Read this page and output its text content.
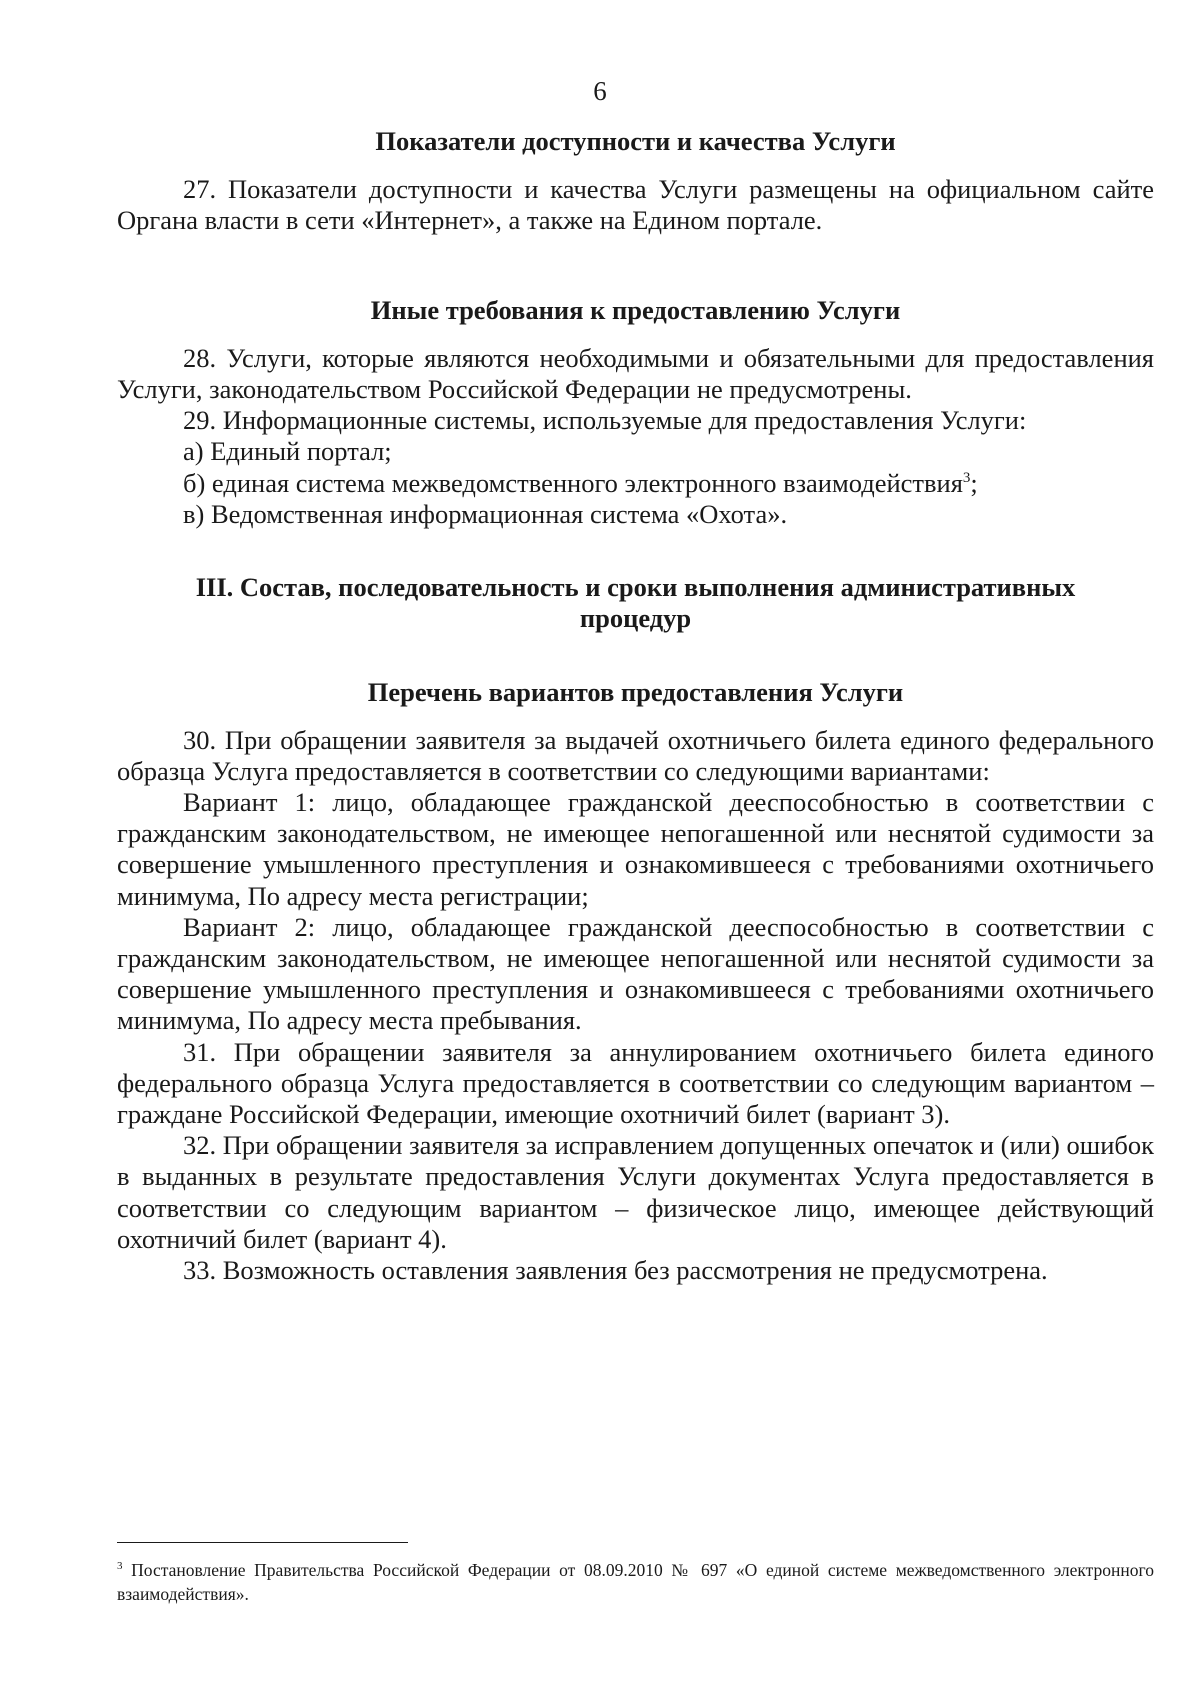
6

Показатели доступности и качества Услуги

27. Показатели доступности и качества Услуги размещены на официальном сайте Органа власти в сети «Интернет», а также на Едином портале.

Иные требования к предоставлению Услуги

28. Услуги, которые являются необходимыми и обязательными для предоставления Услуги, законодательством Российской Федерации не предусмотрены.

29. Информационные системы, используемые для предоставления Услуги:

а) Единый портал;

б) единая система межведомственного электронного взаимодействия$^3$;

в) Ведомственная информационная система «Охота».

III. Состав, последовательность и сроки выполнения административных

процедур

Перечень вариантов предоставления Услуги

30. При обращении заявителя за выдачей охотничьего билета единого федерального образца Услуга предоставляется в соответствии со следующими вариантами:

Вариант 1: лицо, обладающее гражданской дееспособностью в соответствии с гражданским законодательством, не имеющее непогашенной или неснятой судимости за совершение умышленного преступления и ознакомившееся с требованиями охотничьего минимума, По адресу места регистрации;

Вариант 2: лицо, обладающее гражданской дееспособностью в соответствии с гражданским законодательством, не имеющее непогашенной или неснятой судимости за совершение умышленного преступления и ознакомившееся с требованиями охотничьего минимума, По адресу места пребывания.

31. При обращении заявителя за аннулированием охотничьего билета единого федерального образца Услуга предоставляется в соответствии со следующим вариантом – граждане Российской Федерации, имеющие охотничий билет (вариант 3).

32. При обращении заявителя за исправлением допущенных опечаток и (или) ошибок в выданных в результате предоставления Услуги документах Услуга предоставляется в соответствии со следующим вариантом – физическое лицо, имеющее действующий охотничий билет (вариант 4).

33. Возможность оставления заявления без рассмотрения не предусмотрена.

$^3$ Постановление Правительства Российской Федерации от 08.09.2010 № 697 «О единой системе межведомственного электронного взаимодействия».
